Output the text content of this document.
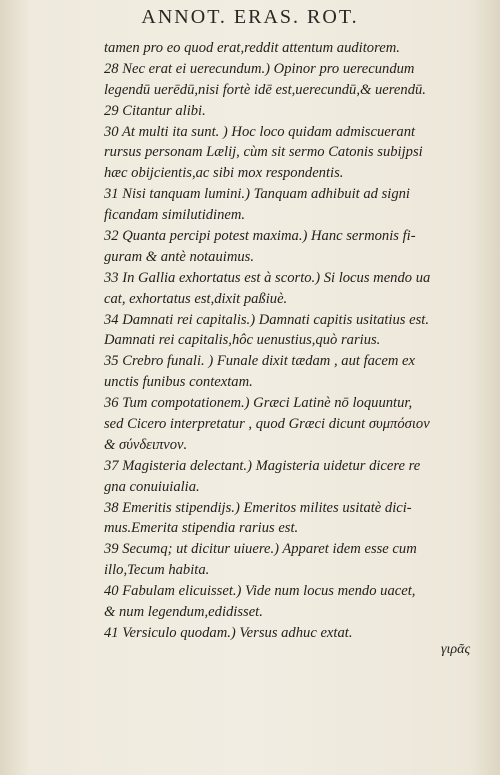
ANNOT. ERAS. ROT.
tamen pro eo quod erat,reddit attentum auditorem.
28 Nec erat ei uerecundum.) Opinor pro uerecundum
legendū uerēdū,nisi fortè idē est,uerecundū,& uerendū.
29 Citantur alibi.
30 At multi ita sunt. ) Hoc loco quidam admiscuerant
rursus personam Lælij, cùm sit sermo Catonis subijpsi
hæc obijcientis,ac sibi mox respondentis.
31 Nisi tanquam lumini.) Tanquam adhibuit ad signi
ficandam similutidinem.
32 Quanta percipi potest maxima.) Hanc sermonis fi-
guram & antè notauimus.
33 In Gallia exhortatus est à scorto.) Si locus mendo ua
cat, exhortatus est,dixit paßiuè.
34 Damnati rei capitalis.) Damnati capitis usitatius est.
Damnati rei capitalis,hôc uenustius,quò rarius.
35 Crebro funali. ) Funale dixit tædam , aut facem ex
unctis funibus contextam.
36 Tum compotationem.) Græci Latinè nō loquuntur,
sed Cicero interpretatur , quod Græci dicunt συμπόσιον
& σύνδειπνον.
37 Magisteria delectant.) Magisteria uidetur dicere re
gna conuiuialia.
38 Emeritis stipendijs.) Emeritos milites usitatè dici-
mus.Emerita stipendia rarius est.
39 Secumq; ut dicitur uiuere.) Apparet idem esse cum
illo,Tecum habita.
40 Fabulam elicuisset.) Vide num locus mendo uacet,
& num legendum,edidisset.
41 Versiculo quodam.) Versus adhuc extat.
γιρᾶς
